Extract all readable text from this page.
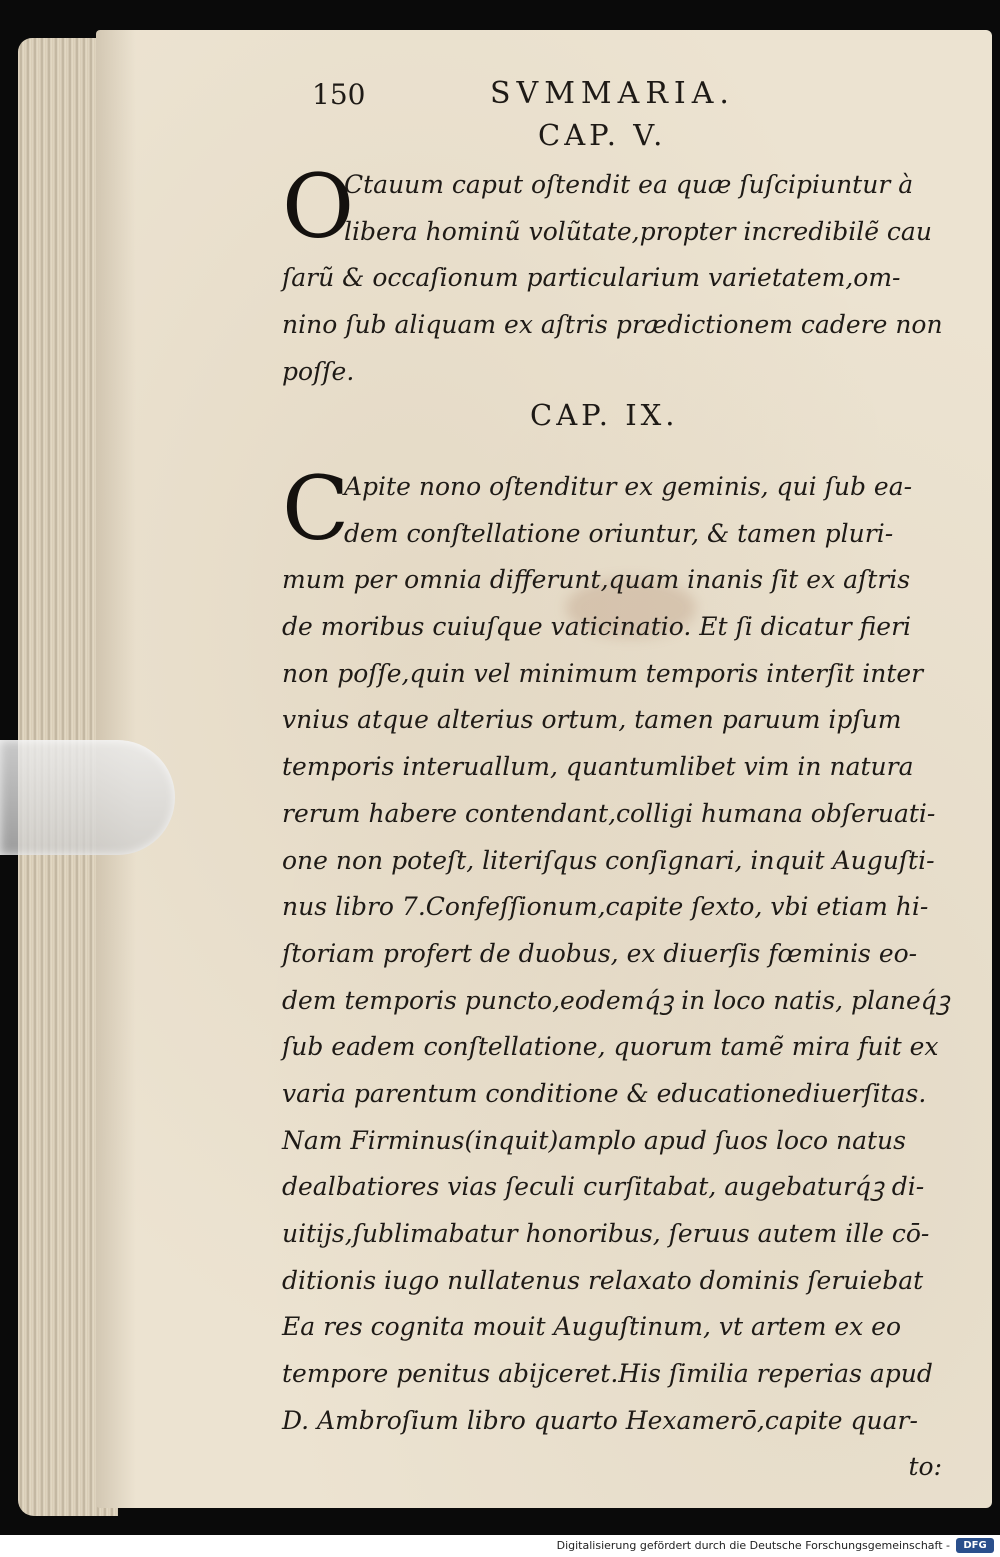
150	SVMMARIA.
CAP. V.
O
Ctauum caput oſtendit ea quæ ſuſcipiuntur à
libera hominũ volũtate,propter incredibilẽ cau
ſarũ & occaſionum particularium varietatem,om-
nino ſub aliquam ex aſtris prædictionem cadere non
poſſe.
CAP. IX.
C
Apite nono oſtenditur ex geminis, qui ſub ea-
dem conſtellatione oriuntur, & tamen pluri-
mum per omnia differunt,quam inanis ſit ex aſtris
de moribus cuiuſque vaticinatio. Et ſi dicatur fieri
non poſſe,quin vel minimum temporis interſit inter
vnius atque alterius ortum, tamen paruum ipſum
temporis interuallum, quantumlibet vim in natura
rerum habere contendant,colligi humana obſeruati-
one non poteſt, literiſqus conſignari, inquit Auguſti-
nus libro 7.Confeſſionum,capite ſexto, vbi etiam hi-
ſtoriam profert de duobus, ex diuerſis fœminis eo-
dem temporis puncto,eodemq́ꝫ in loco natis, planeq́ꝫ
ſub eadem conſtellatione, quorum tamẽ mira fuit ex
varia parentum conditione & educationediuerſitas.
Nam Firminus(inquit)amplo apud ſuos loco natus
dealbatiores vias ſeculi curſitabat, augebaturq́ꝫ di-
uitijs,ſublimabatur honoribus, ſeruus autem ille cō-
ditionis iugo nullatenus relaxato dominis ſeruiebat
Ea res cognita mouit Auguſtinum, vt artem ex eo
tempore penitus abijceret.His ſimilia reperias apud
D. Ambroſium libro quarto Hexamerō,capite quar-
to:
Digitalisierung gefördert durch die Deutsche Forschungsgemeinschaft -	DFG
